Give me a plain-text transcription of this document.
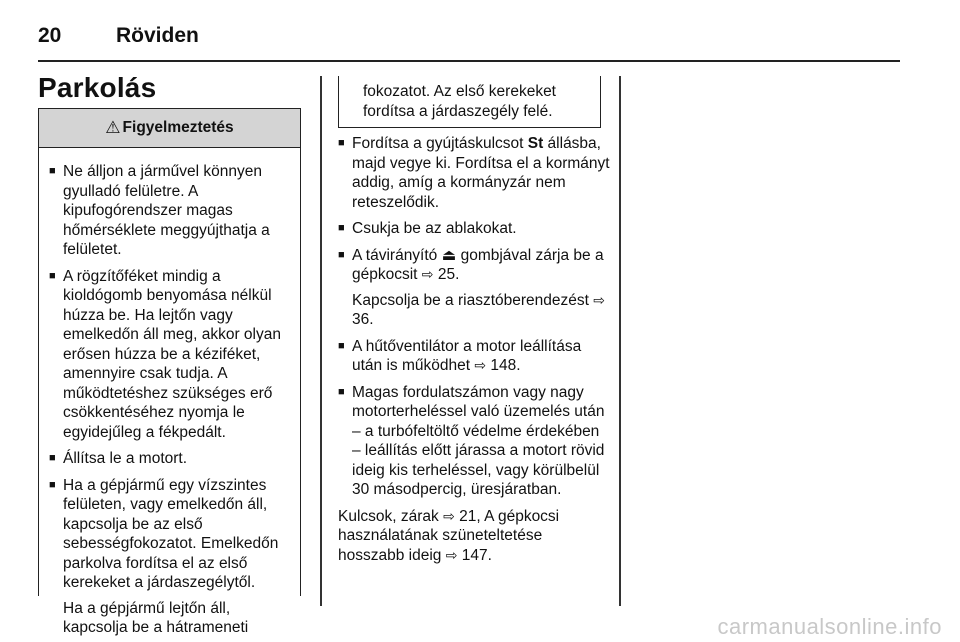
20	Röviden
Parkolás
⚠ Figyelmeztetés
■ Ne álljon a járművel könnyen gyulladó felületre. A kipufogórendszer magas hőmérséklete meggyújthatja a felületet.
■ A rögzítőféket mindig a kioldógomb benyomása nélkül húzza be. Ha lejtőn vagy emelkedőn áll meg, akkor olyan erősen húzza be a kéziféket, amennyire csak tudja. A működtetéshez szükséges erő csökkentéséhez nyomja le egyidejűleg a fékpedált.
■ Állítsa le a motort.
■ Ha a gépjármű egy vízszintes felületen, vagy emelkedőn áll, kapcsolja be az első sebességfokozatot. Emelkedőn parkolva fordítsa el az első kerekeket a járdaszegélytől.

Ha a gépjármű lejtőn áll, kapcsolja be a hátrameneti

fokozatot. Az első kerekeket fordítsa a járdaszegély felé.
■ Fordítsa a gyújtáskulcsot St állásba, majd vegye ki. Fordítsa el a kormányt addig, amíg a kormányzár nem reteszelődik.
■ Csukja be az ablakokat.
■ A távirányító ⏏ gombjával zárja be a gépkocsit ⇨ 25.

Kapcsolja be a riasztóberendezést ⇨ 36.

■ A hűtőventilátor a motor leállítása után is működhet ⇨ 148.
■ Magas fordulatszámon vagy nagy motorterheléssel való üzemelés után – a turbófeltöltő védelme érdekében – leállítás előtt járassa a motort rövid ideig kis terheléssel, vagy körülbelül 30 másodpercig, üresjáratban.

Kulcsok, zárak ⇨ 21, A gépkocsi használatának szüneteltetése hosszabb ideig ⇨ 147.

carmanualsonline.info
